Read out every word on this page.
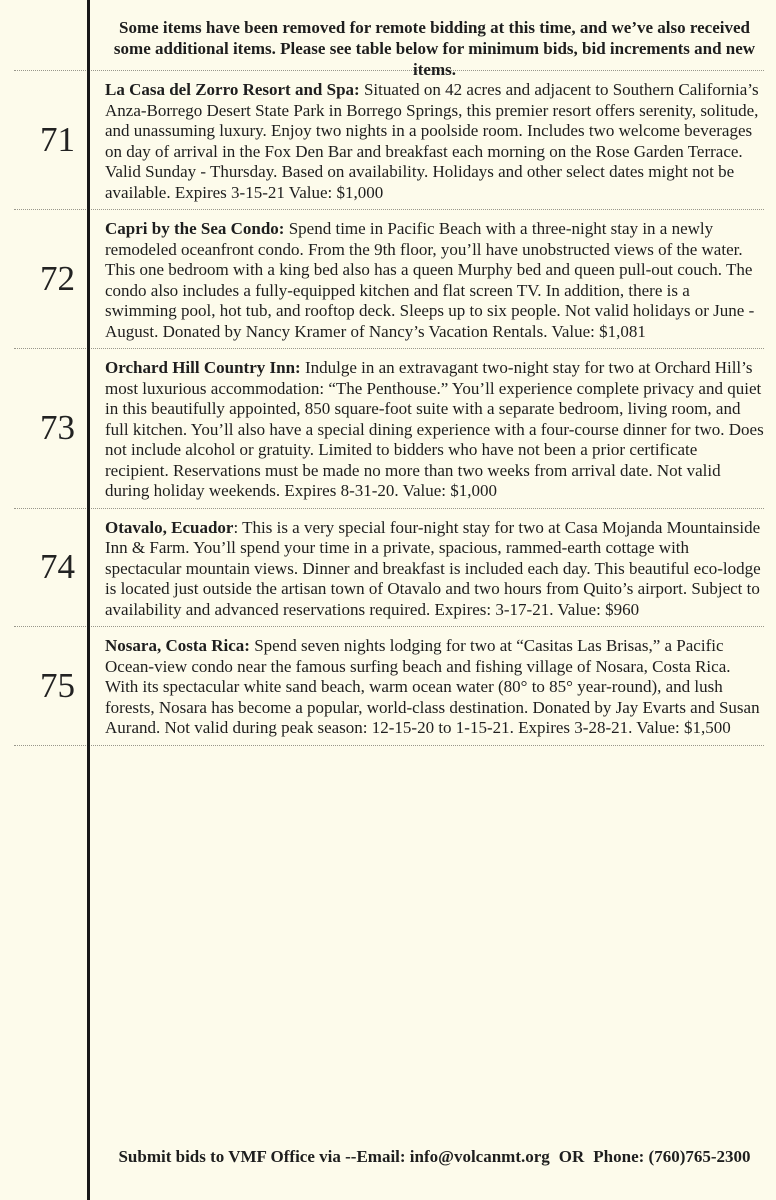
Some items have been removed for remote bidding at this time, and we’ve also received some additional items. Please see table below for minimum bids, bid increments and new items.
71
La Casa del Zorro Resort and Spa: Situated on 42 acres and adjacent to Southern California’s Anza-Borrego Desert State Park in Borrego Springs, this premier resort offers serenity, solitude, and unassuming luxury. Enjoy two nights in a poolside room. Includes two welcome beverages on day of arrival in the Fox Den Bar and breakfast each morning on the Rose Garden Terrace. Valid Sunday - Thursday. Based on availability. Holidays and other select dates might not be available. Expires 3-15-21 Value: $1,000
72
Capri by the Sea Condo: Spend time in Pacific Beach with a three-night stay in a newly remodeled oceanfront condo. From the 9th floor, you’ll have unobstructed views of the water. This one bedroom with a king bed also has a queen Murphy bed and queen pull-out couch. The condo also includes a fully-equipped kitchen and flat screen TV. In addition, there is a swimming pool, hot tub, and rooftop deck. Sleeps up to six people. Not valid holidays or June - August. Donated by Nancy Kramer of Nancy’s Vacation Rentals. Value: $1,081
73
Orchard Hill Country Inn: Indulge in an extravagant two-night stay for two at Orchard Hill’s most luxurious accommodation: “The Penthouse.” You’ll experience complete privacy and quiet in this beautifully appointed, 850 square-foot suite with a separate bedroom, living room, and full kitchen. You’ll also have a special dining experience with a four-course dinner for two. Does not include alcohol or gratuity. Limited to bidders who have not been a prior certificate recipient. Reservations must be made no more than two weeks from arrival date. Not valid during holiday weekends. Expires 8-31-20. Value: $1,000
74
Otavalo, Ecuador: This is a very special four-night stay for two at Casa Mojanda Mountainside Inn & Farm. You’ll spend your time in a private, spacious, rammed-earth cottage with spectacular mountain views. Dinner and breakfast is included each day. This beautiful eco-lodge is located just outside the artisan town of Otavalo and two hours from Quito’s airport. Subject to availability and advanced reservations required. Expires: 3-17-21. Value: $960
75
Nosara, Costa Rica: Spend seven nights lodging for two at “Casitas Las Brisas,” a Pacific Ocean-view condo near the famous surfing beach and fishing village of Nosara, Costa Rica. With its spectacular white sand beach, warm ocean water (80° to 85° year-round), and lush forests, Nosara has become a popular, world-class destination. Donated by Jay Evarts and Susan Aurand. Not valid during peak season: 12-15-20 to 1-15-21. Expires 3-28-21. Value: $1,500
Submit bids to VMF Office via --Email: info@volcanmt.org OR Phone: (760)765-2300
